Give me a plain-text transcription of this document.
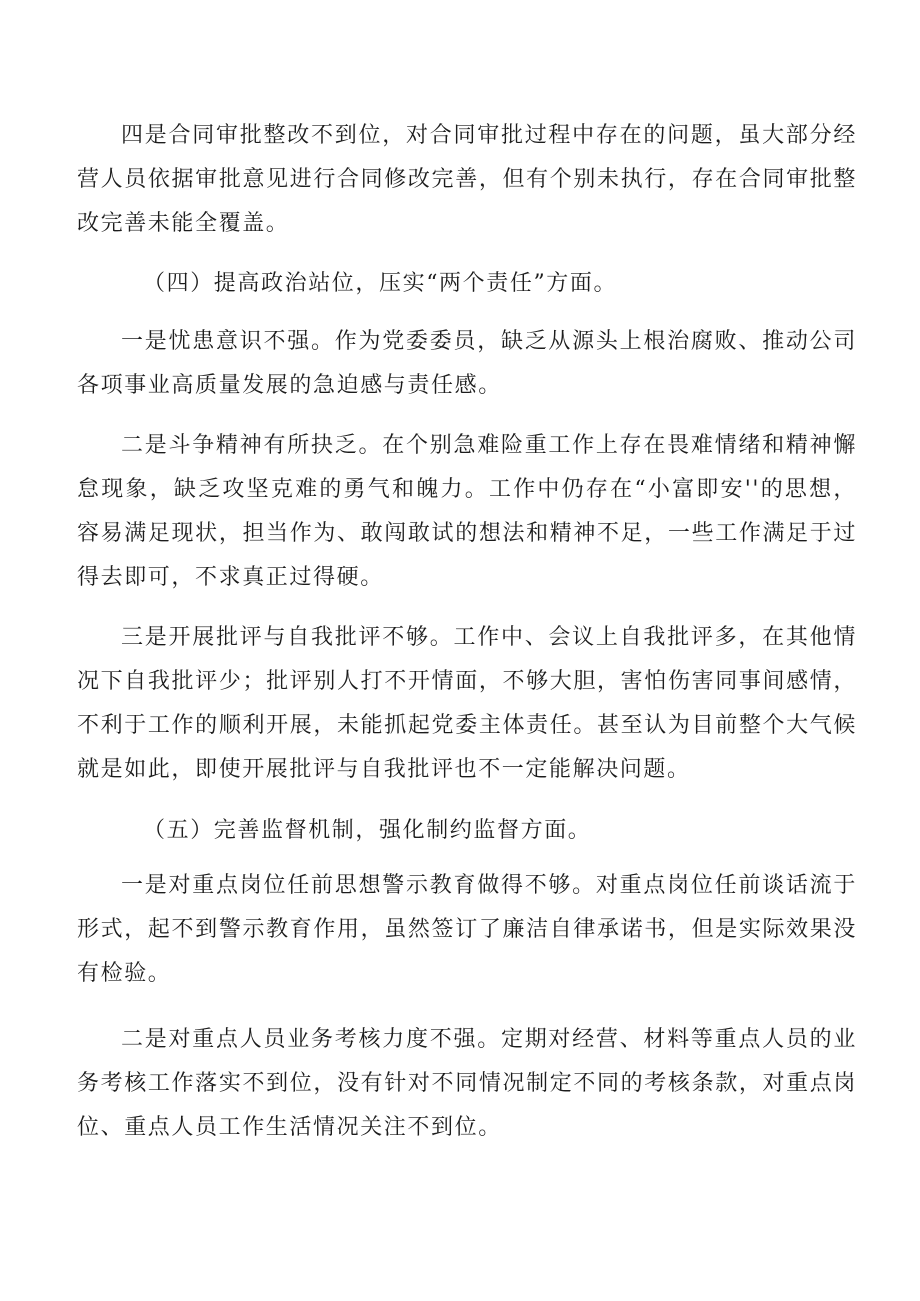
四是合同审批整改不到位，对合同审批过程中存在的问题，虽大部分经营人员依据审批意见进行合同修改完善，但有个别未执行，存在合同审批整改完善未能全覆盖。

（四）提高政治站位，压实“两个责任”方面。

一是忧患意识不强。作为党委委员，缺乏从源头上根治腐败、推动公司各项事业高质量发展的急迫感与责任感。

二是斗争精神有所抉乏。在个别急难险重工作上存在畏难情绪和精神懈怠现象，缺乏攻坚克难的勇气和魄力。工作中仍存在“小富即安''的思想，容易满足现状，担当作为、敢闯敢试的想法和精神不足，一些工作满足于过得去即可，不求真正过得硬。

三是开展批评与自我批评不够。工作中、会议上自我批评多，在其他情况下自我批评少；批评别人打不开情面，不够大胆，害怕伤害同事间感情，不利于工作的顺利开展，未能抓起党委主体责任。甚至认为目前整个大气候就是如此，即使开展批评与自我批评也不一定能解决问题。

（五）完善监督机制，强化制约监督方面。

一是对重点岗位任前思想警示教育做得不够。对重点岗位任前谈话流于形式，起不到警示教育作用，虽然签订了廉洁自律承诺书，但是实际效果没有检验。

二是对重点人员业务考核力度不强。定期对经营、材料等重点人员的业务考核工作落实不到位，没有针对不同情况制定不同的考核条款，对重点岗位、重点人员工作生活情况关注不到位。
